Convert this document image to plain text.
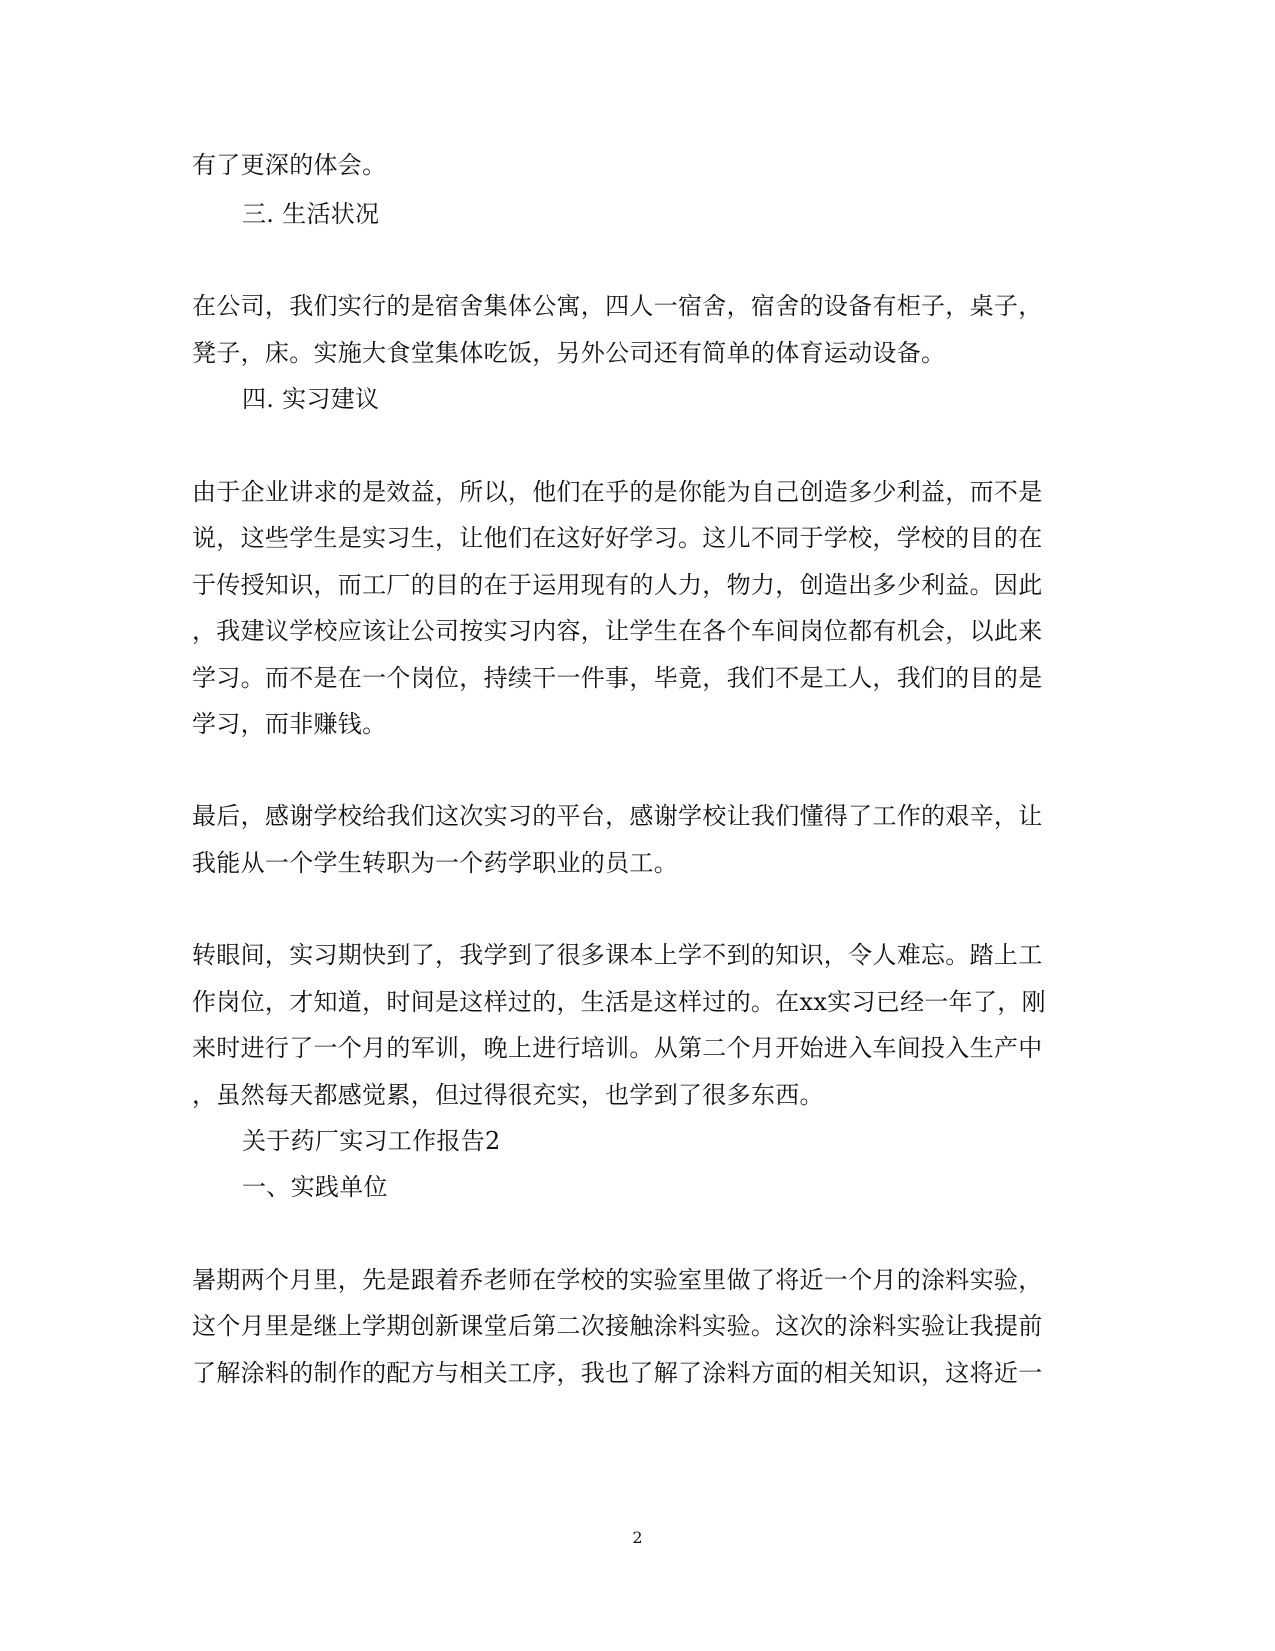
有了更深的体会。
三. 生活状况
在公司，我们实行的是宿舍集体公寓，四人一宿舍，宿舍的设备有柜子，桌子，
凳子，床。实施大食堂集体吃饭，另外公司还有简单的体育运动设备。
四. 实习建议
由于企业讲求的是效益，所以，他们在乎的是你能为自己创造多少利益，而不是
说，这些学生是实习生，让他们在这好好学习。这儿不同于学校，学校的目的在
于传授知识，而工厂的目的在于运用现有的人力，物力，创造出多少利益。因此
，我建议学校应该让公司按实习内容，让学生在各个车间岗位都有机会，以此来
学习。而不是在一个岗位，持续干一件事，毕竟，我们不是工人，我们的目的是
学习，而非赚钱。
最后，感谢学校给我们这次实习的平台，感谢学校让我们懂得了工作的艰辛，让
我能从一个学生转职为一个药学职业的员工。
转眼间，实习期快到了，我学到了很多课本上学不到的知识，令人难忘。踏上工
作岗位，才知道，时间是这样过的，生活是这样过的。在xx实习已经一年了，刚
来时进行了一个月的军训，晚上进行培训。从第二个月开始进入车间投入生产中
，虽然每天都感觉累，但过得很充实，也学到了很多东西。
关于药厂实习工作报告2
一、实践单位
暑期两个月里，先是跟着乔老师在学校的实验室里做了将近一个月的涂料实验，
这个月里是继上学期创新课堂后第二次接触涂料实验。这次的涂料实验让我提前
了解涂料的制作的配方与相关工序，我也了解了涂料方面的相关知识，这将近一
2
